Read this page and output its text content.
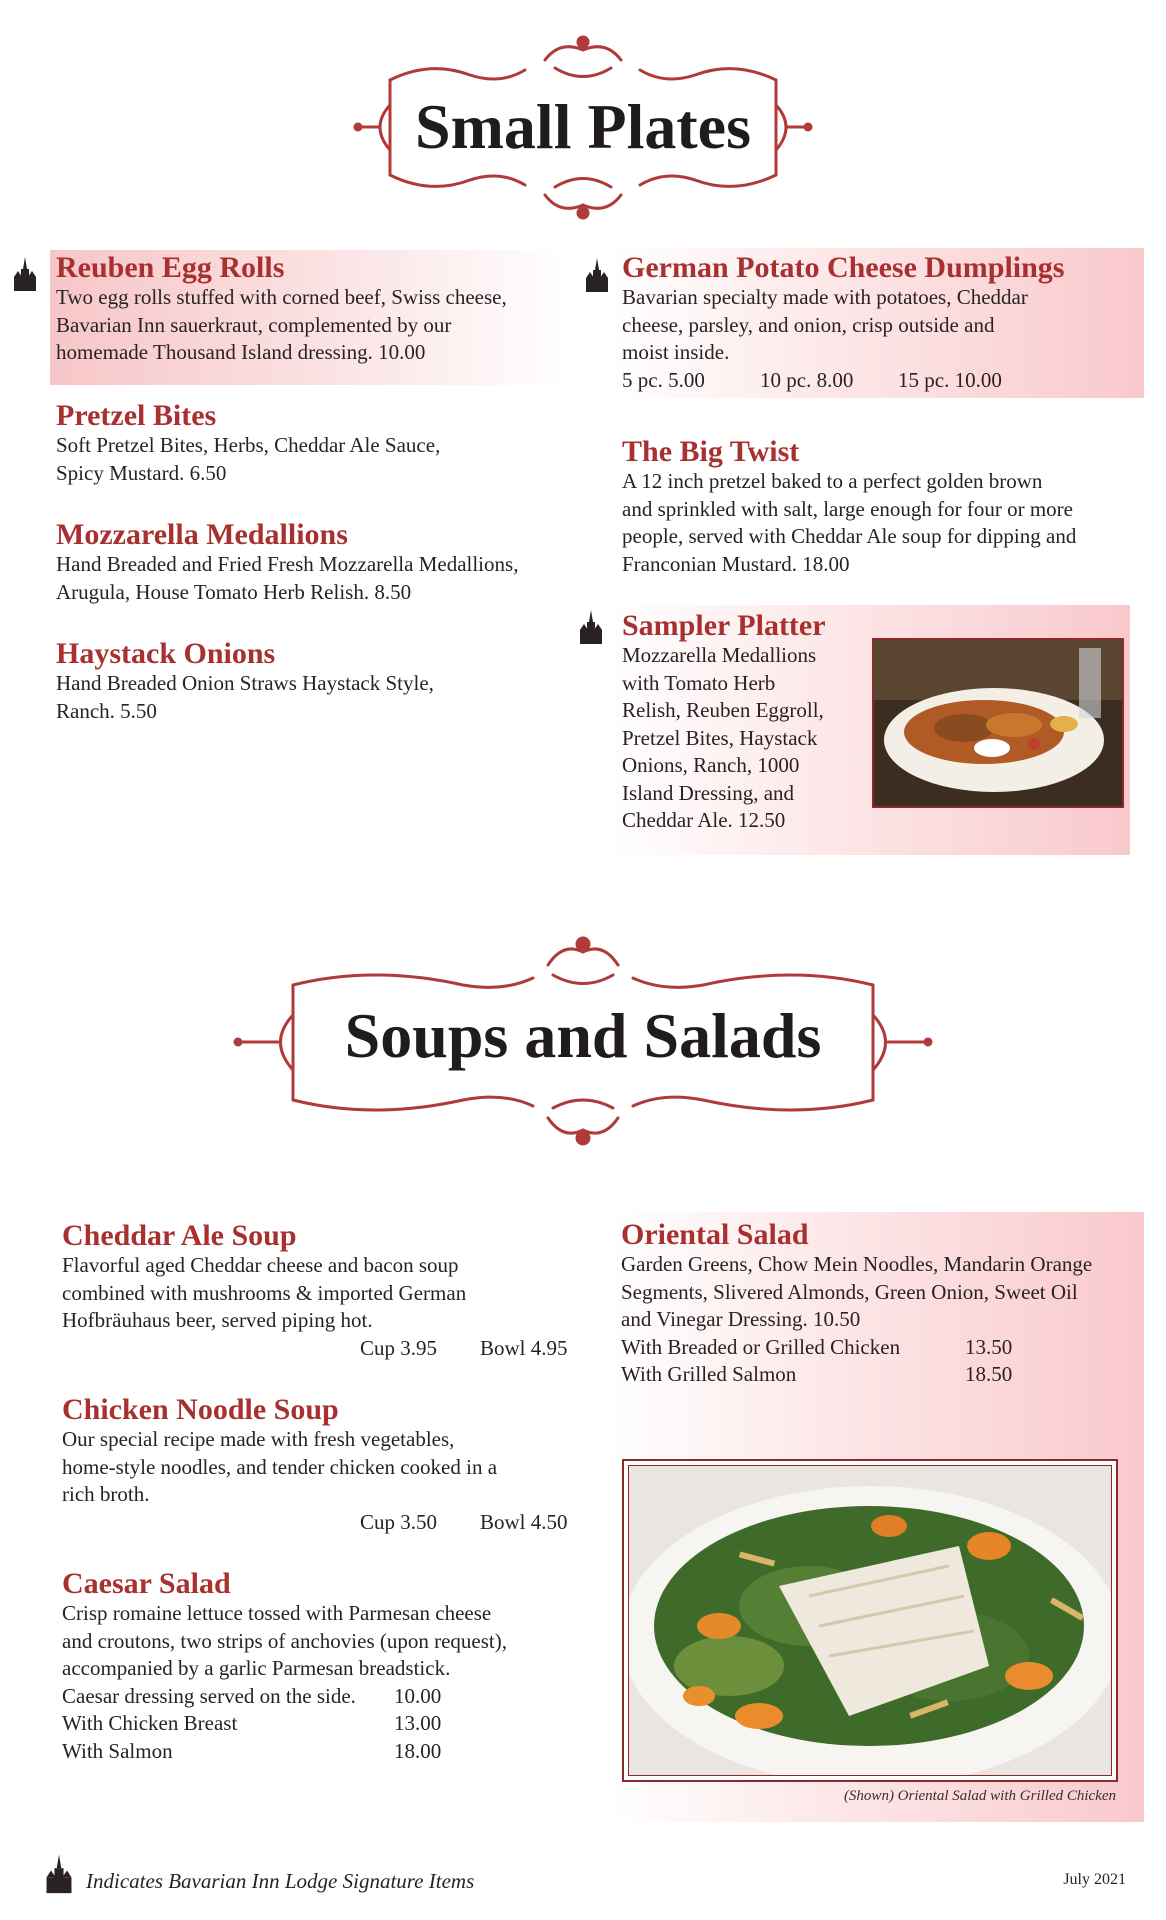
Small Plates
Reuben Egg Rolls

Two egg rolls stuffed with corned beef, Swiss cheese,
Bavarian Inn sauerkraut, complemented by our
homemade Thousand Island dressing. 10.00

Pretzel Bites

Soft Pretzel Bites, Herbs, Cheddar Ale Sauce,
Spicy Mustard. 6.50

Mozzarella Medallions

Hand Breaded and Fried Fresh Mozzarella Medallions,
Arugula, House Tomato Herb Relish. 8.50

Haystack Onions

Hand Breaded Onion Straws Haystack Style,
Ranch. 5.50

German Potato Cheese Dumplings

Bavarian specialty made with potatoes, Cheddar
cheese, parsley, and onion, crisp outside and
moist inside.

5 pc. 5.00	10 pc. 8.00	15 pc. 10.00
The Big Twist

A 12 inch pretzel baked to a perfect golden brown
and sprinkled with salt, large enough for four or more
people, served with Cheddar Ale soup for dipping and
Franconian Mustard. 18.00

Sampler Platter

Mozzarella Medallions
with Tomato Herb
Relish, Reuben Eggroll,
Pretzel Bites, Haystack
Onions, Ranch, 1000
Island Dressing, and
Cheddar Ale. 12.50

Soups and Salads
Cheddar Ale Soup

Flavorful aged Cheddar cheese and bacon soup
combined with mushrooms & imported German
Hofbräuhaus beer, served piping hot.

Cup 3.95	Bowl 4.95
Chicken Noodle Soup

Our special recipe made with fresh vegetables,
home-style noodles, and tender chicken cooked in a
rich broth.

Cup 3.50	Bowl 4.50
Caesar Salad

Crisp romaine lettuce tossed with Parmesan cheese
and croutons, two strips of anchovies (upon request),
accompanied by a garlic Parmesan breadstick.

Caesar dressing served on the side.	10.00
With Chicken Breast	13.00
With Salmon	18.00
Oriental Salad

Garden Greens, Chow Mein Noodles, Mandarin Orange
Segments, Slivered Almonds, Green Onion, Sweet Oil
and Vinegar Dressing. 10.50

With Breaded or Grilled Chicken	13.50
With Grilled Salmon	18.50
(Shown) Oriental Salad with Grilled Chicken
Indicates Bavarian Inn Lodge Signature Items	July 2021
